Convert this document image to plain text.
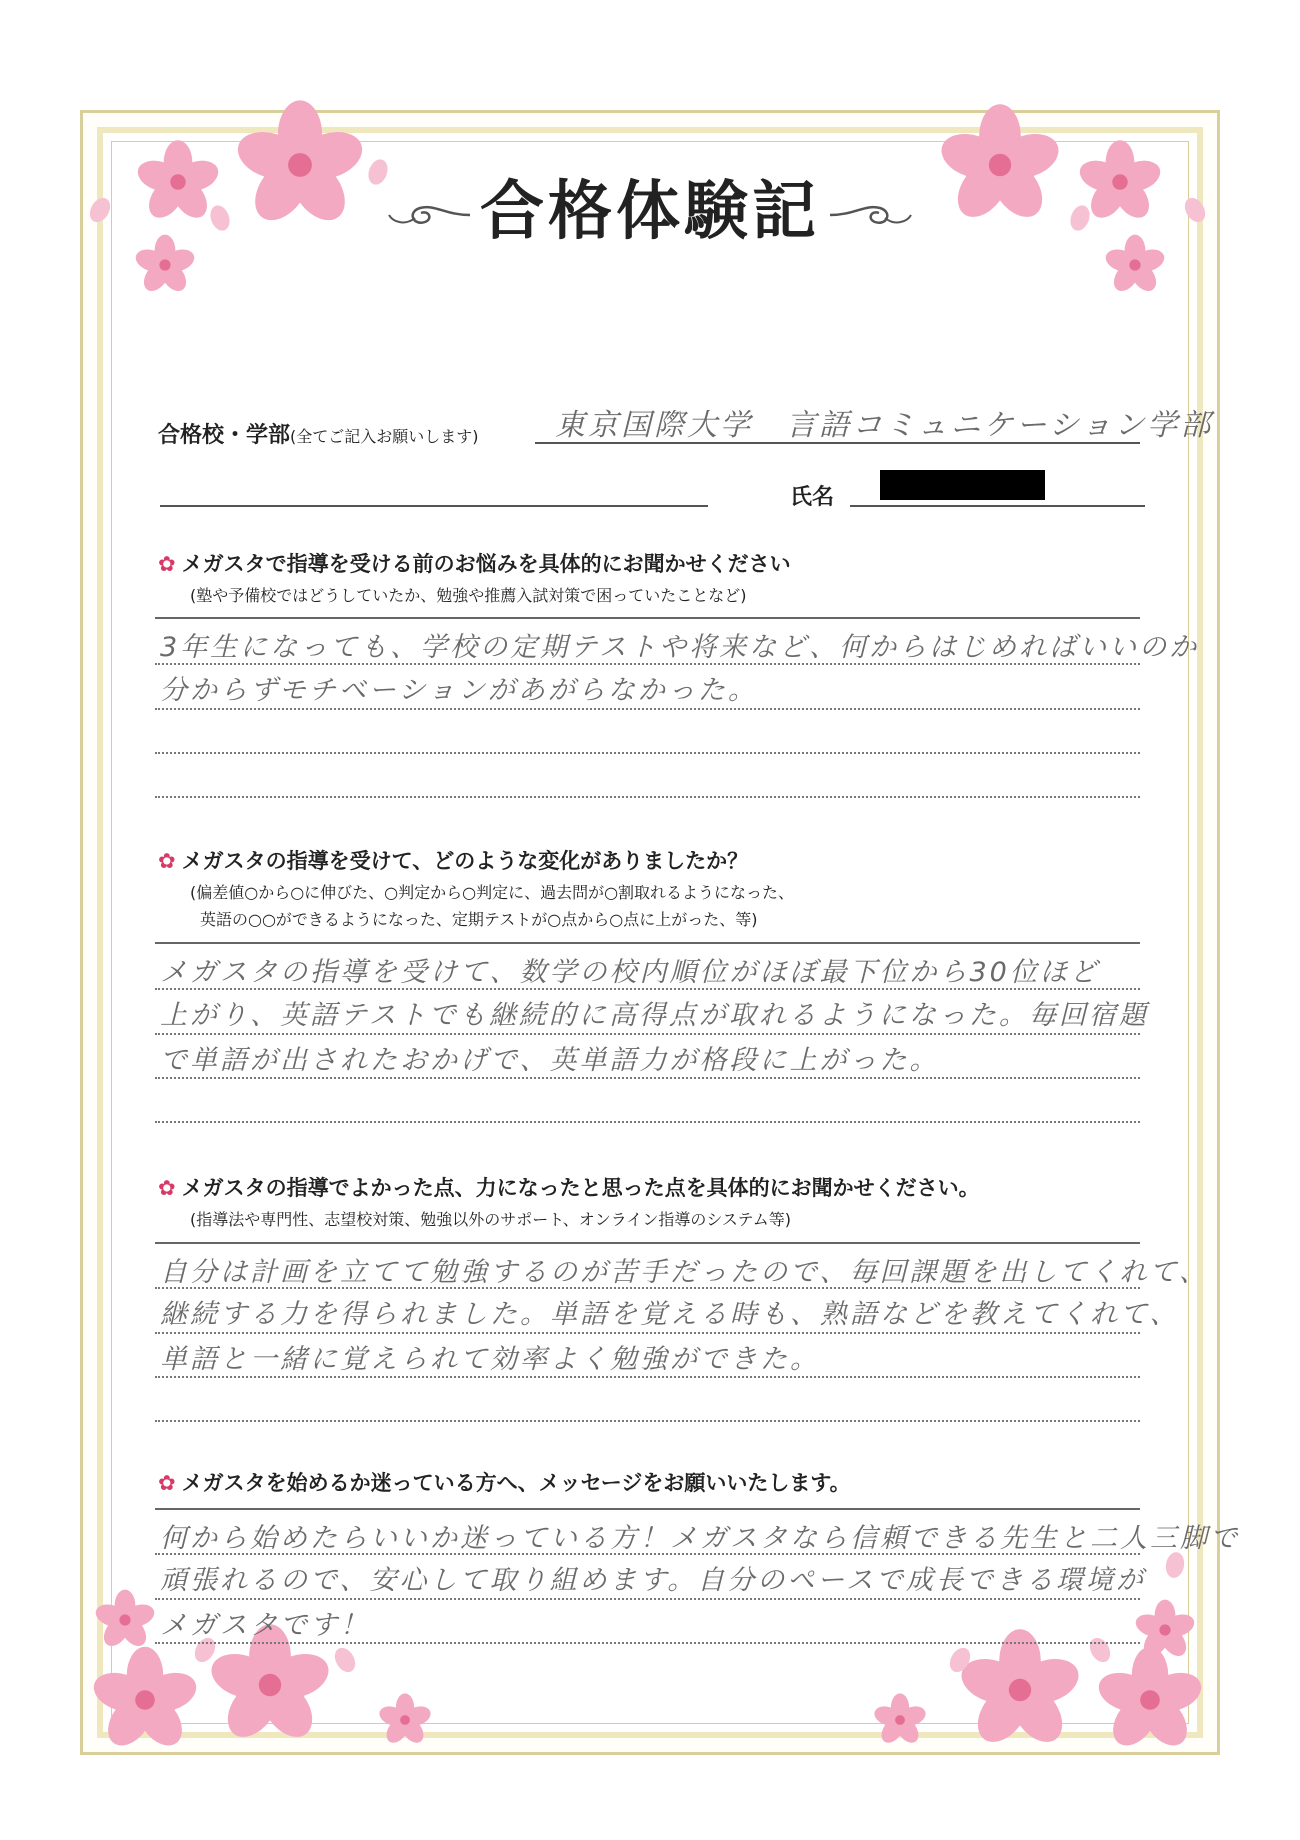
合格体験記
合格校・学部(全てご記入お願いします)	東京国際大学　言語コミュニケーション学部
氏名
✿ メガスタで指導を受ける前のお悩みを具体的にお聞かせください
(塾や予備校ではどうしていたか、勉強や推薦入試対策で困っていたことなど)
3年生になっても、学校の定期テストや将来など、何からはじめればいいのか
分からずモチベーションがあがらなかった。
✿ メガスタの指導を受けて、どのような変化がありましたか？
(偏差値○から○に伸びた、○判定から○判定に、過去問が○割取れるようになった、
英語の○○ができるようになった、定期テストが○点から○点に上がった、等)
メガスタの指導を受けて、数学の校内順位がほぼ最下位から30位ほど
上がり、英語テストでも継続的に高得点が取れるようになった。毎回宿題
で単語が出されたおかげで、英単語力が格段に上がった。
✿ メガスタの指導でよかった点、力になったと思った点を具体的にお聞かせください。
(指導法や専門性、志望校対策、勉強以外のサポート、オンライン指導のシステム等)
自分は計画を立てて勉強するのが苦手だったので、毎回課題を出してくれて、
継続する力を得られました。単語を覚える時も、熟語などを教えてくれて、
単語と一緒に覚えられて効率よく勉強ができた。
✿ メガスタを始めるか迷っている方へ、メッセージをお願いいたします。
何から始めたらいいか迷っている方！メガスタなら信頼できる先生と二人三脚で
頑張れるので、安心して取り組めます。自分のペースで成長できる環境が
メガスタです！
